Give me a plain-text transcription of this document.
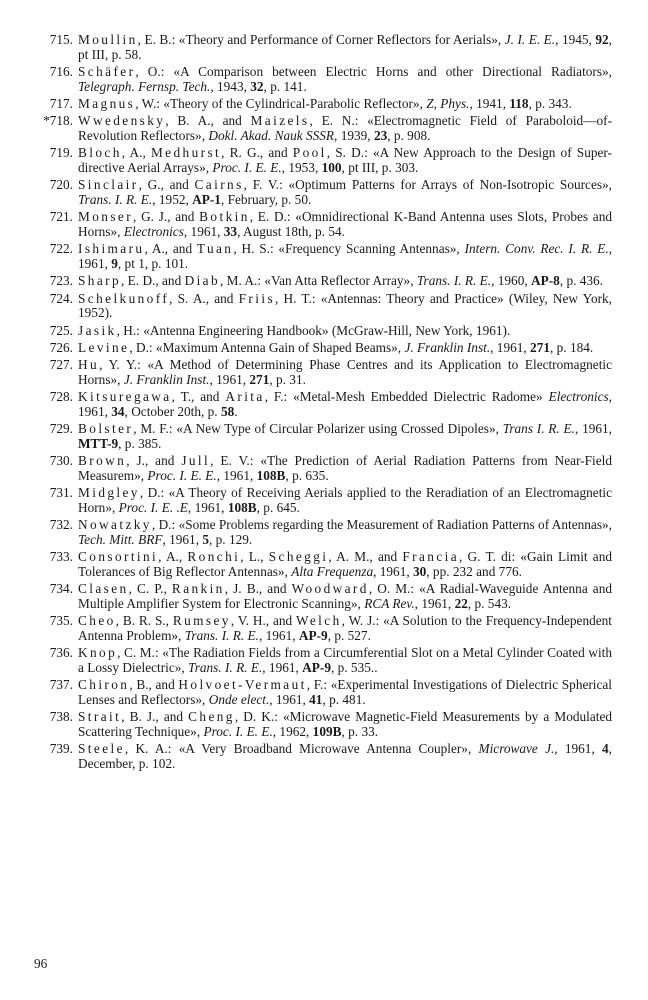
715. Moullin, E. B.: «Theory and Performance of Corner Reflectors for Aerials», J. I. E. E., 1945, 92, pt III, p. 58.
716. Schäfer, O.: «A Comparison between Electric Horns and other Directional Radiators», Telegraph. Fernsp. Tech., 1943, 32, p. 141.
717. Magnus, W.: «Theory of the Cylindrical-Parabolic Reflector», Z, Phys., 1941, 118, p. 343.
*718. Wwedensky, B. A., and Maizels, E. N.: «Electromagnetic Field of Paraboloid—of-Revolution Reflectors», Dokl. Akad. Nauk SSSR, 1939, 23, p. 908.
719. Bloch, A., Medhurst, R. G., and Pool, S. D.: «A New Approach to the Design of Super-directive Aerial Arrays», Proc. I. E. E., 1953, 100, pt III, p. 303.
720. Sinclair, G., and Cairns, F. V.: «Optimum Patterns for Arrays of Non-Isotropic Sources», Trans. I. R. E., 1952, AP-1, February, p. 50.
721. Monser, G. J., and Botkin, E. D.: «Omnidirectional K-Band Antenna uses Slots, Probes and Horns», Electronics, 1961, 33, August 18th, p. 54.
722. Ishimaru, A., and Tuan, H. S.: «Frequency Scanning Antennas», Intern. Conv. Rec. I. R. E., 1961, 9, pt 1, p. 101.
723. Sharp, E. D., and Diab, M. A.: «Van Atta Reflector Array», Trans. I. R. E., 1960, AP-8, p. 436.
724. Schelkunoff, S. A., and Friis, H. T.: «Antennas: Theory and Practice» (Wiley, New York, 1952).
725. Jasik, H.: «Antenna Engineering Handbook» (McGraw-Hill, New York, 1961).
726. Levine, D.: «Maximum Antenna Gain of Shaped Beams», J. Franklin Inst., 1961, 271, p. 184.
727. Hu, Y. Y.: «A Method of Determining Phase Centres and its Application to Electromagnetic Horns», J. Franklin Inst., 1961, 271, p. 31.
728. Kitsuregawa, T., and Arita, F.: «Metal-Mesh Embedded Dielectric Radome» Electronics, 1961, 34, October 20th, p. 58.
729. Bolster, M. F.: «A New Type of Circular Polarizer using Crossed Dipoles», Trans I. R. E., 1961, MTT-9, p. 385.
730. Brown, J., and Jull, E. V.: «The Prediction of Aerial Radiation Patterns from Near-Field Measurem», Proc. I. E. E., 1961, 108B, p. 635.
731. Midgley, D.: «A Theory of Receiving Aerials applied to the Reradiation of an Electromagnetic Horn», Proc. I. E. .E, 1961, 108B, p. 645.
732. Nowatzky, D.: «Some Problems regarding the Measurement of Radiation Patterns of Antennas», Tech. Mitt. BRF, 1961, 5, p. 129.
733. Consortini, A., Ronchi, L., Scheggi, A. M., and Francia, G. T. di: «Gain Limit and Tolerances of Big Reflector Antennas», Alta Frequenza, 1961, 30, pp. 232 and 776.
734. Clasen, C. P., Rankin, J. B., and Woodward, O. M.: «A Radial-Waveguide Antenna and Multiple Amplifier System for Electronic Scanning», RCA Rev., 1961, 22, p. 543.
735. Cheo, B. R. S., Rumsey, V. H., and Welch, W. J.: «A Solution to the Frequency-Independent Antenna Problem», Trans. I. R. E., 1961, AP-9, p. 527.
736. Knop, C. M.: «The Radiation Fields from a Circumferential Slot on a Metal Cylinder Coated with a Lossy Dielectric», Trans. I. R. E., 1961, AP-9, p. 535..
737. Chiron, B., and Holvoet-Vermaut, F.: «Experimental Investigations of Dielectric Spherical Lenses and Reflectors», Onde elect., 1961, 41, p. 481.
738. Strait, B. J., and Cheng, D. K.: «Microwave Magnetic-Field Measurements by a Modulated Scattering Technique», Proc. I. E. E., 1962, 109B, p. 33.
739. Steele, K. A.: «A Very Broadband Microwave Antenna Coupler», Microwave J., 1961, 4, December, p. 102.
96
